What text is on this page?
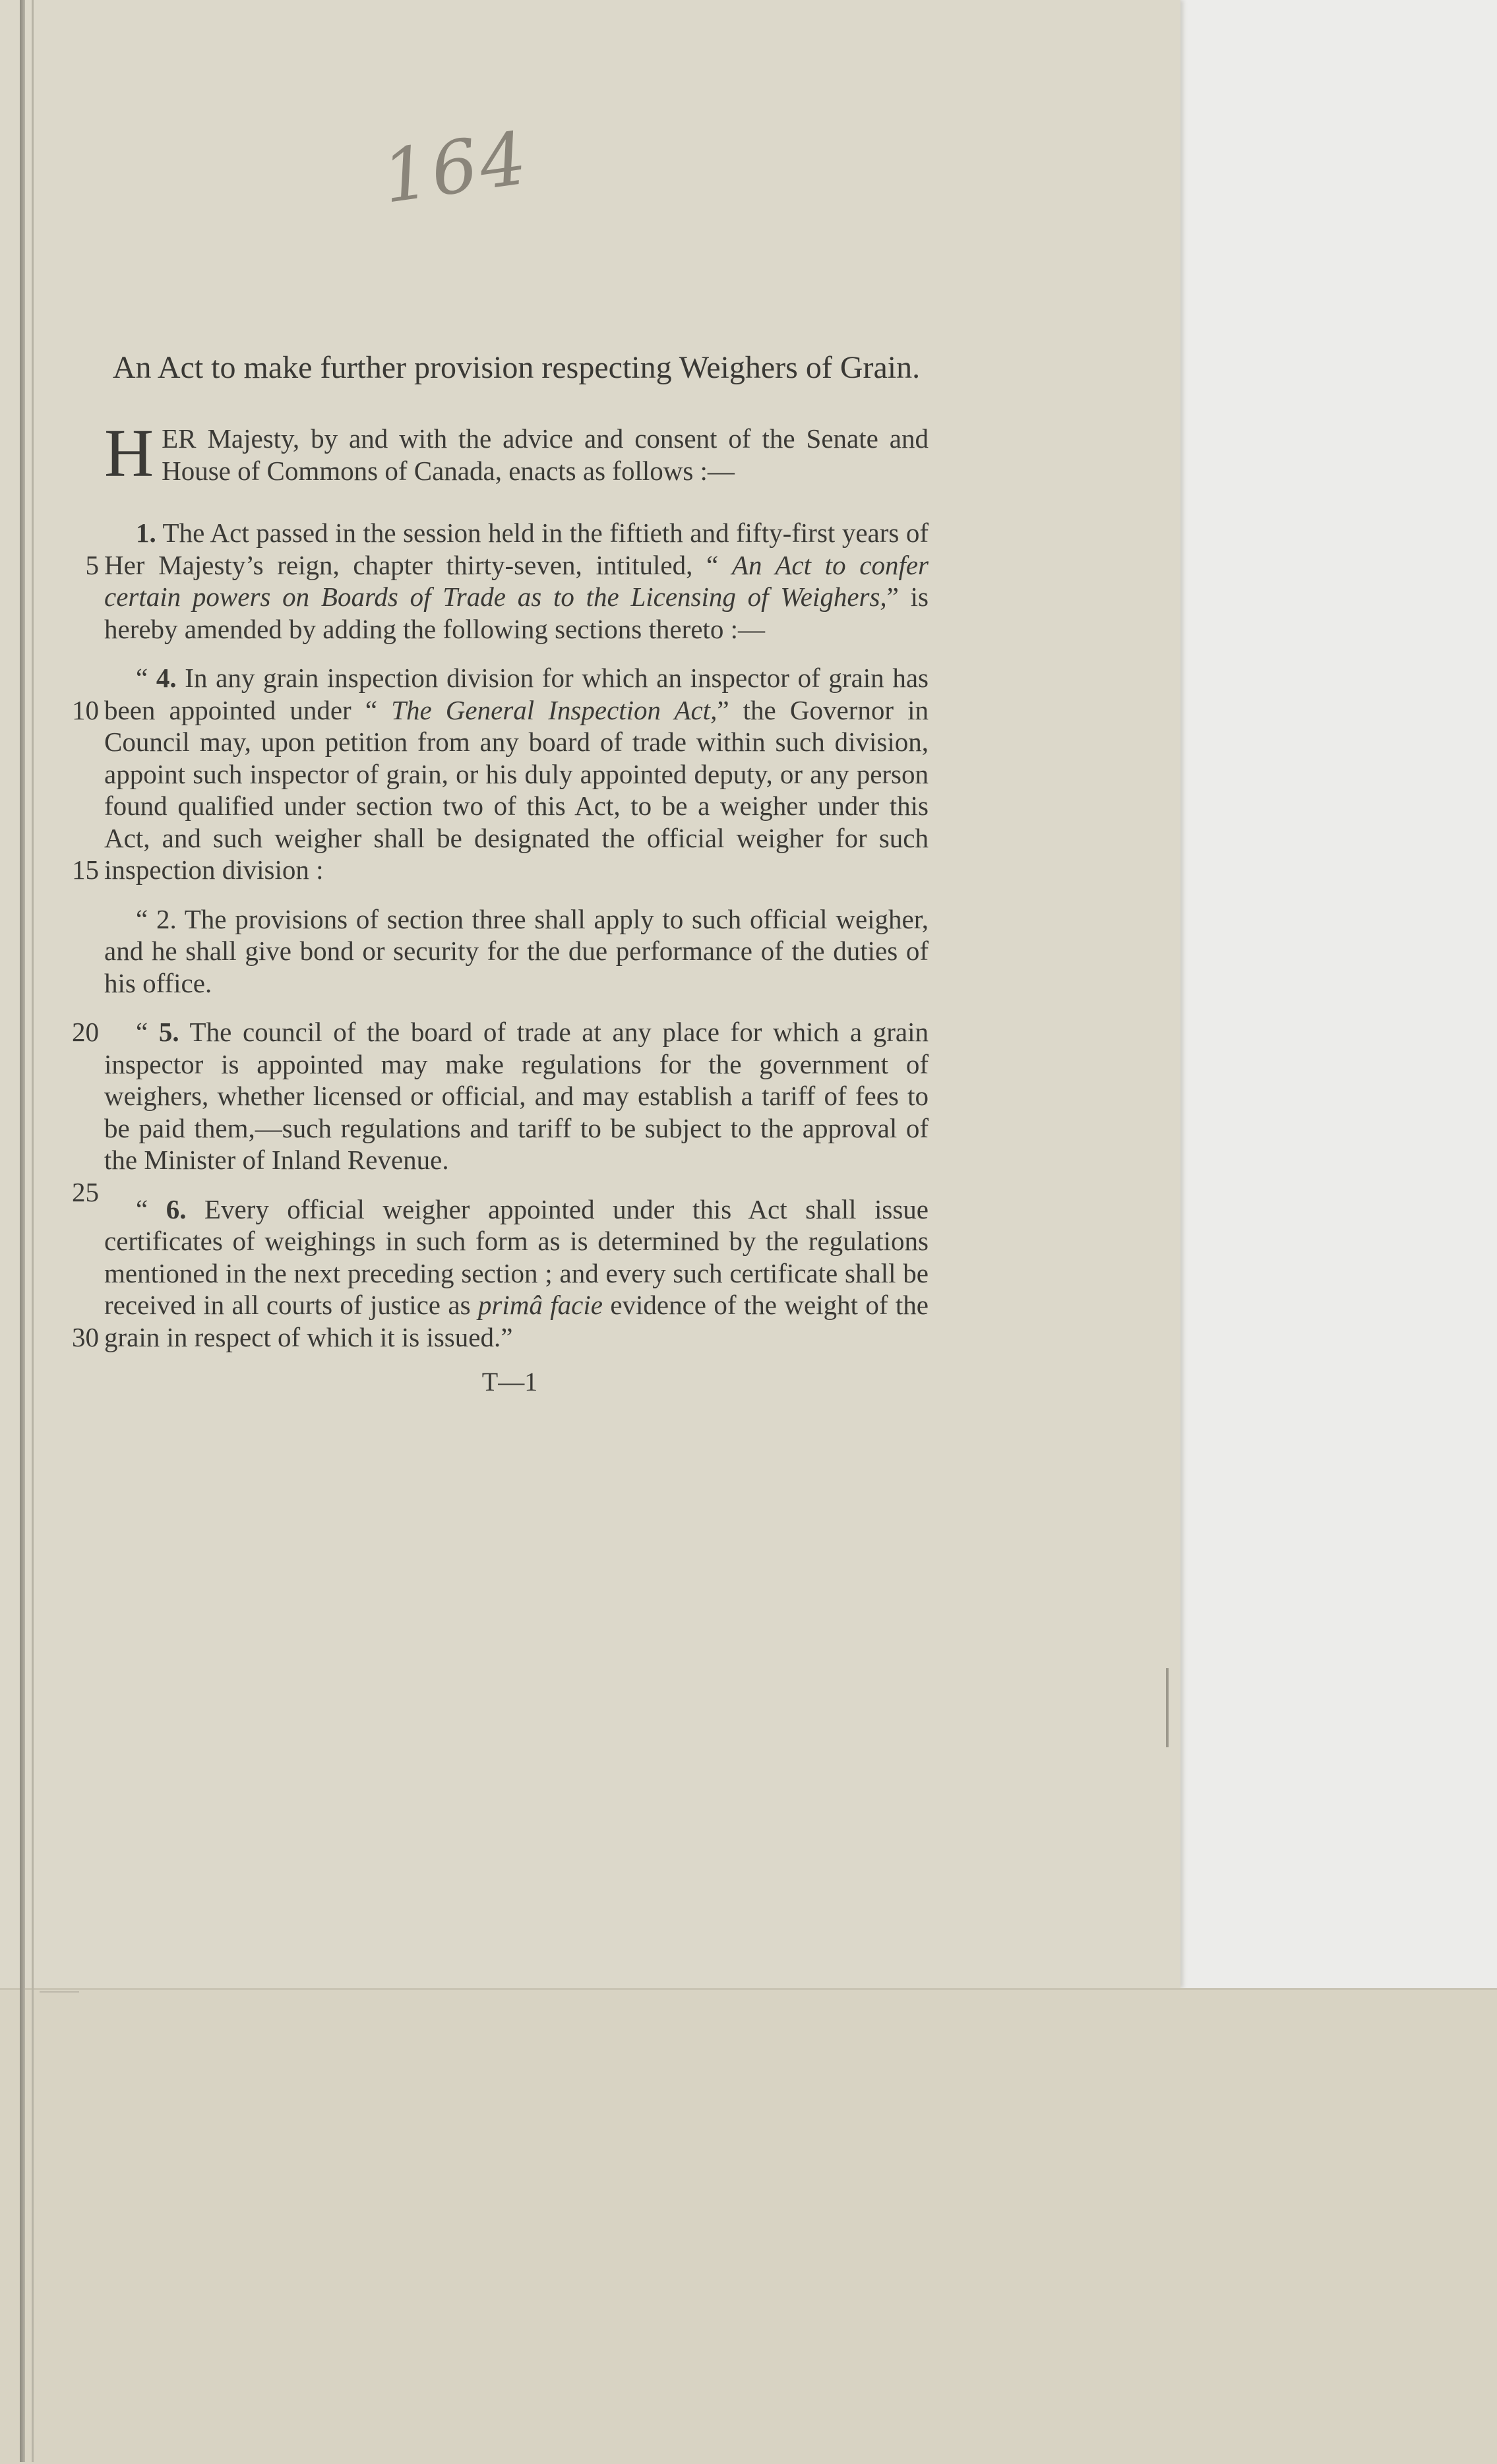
164
An Act to make further provision respecting Weighers of Grain.

HER Majesty, by and with the advice and consent of the Senate and House of Commons of Canada, enacts as follows :—

1. The Act passed in the session held in the fiftieth and
5
fifty-first years of Her Majesty’s reign, chapter thirty-seven, intituled, “ An Act to confer certain powers on Boards of Trade as to the Licensing of Weighers,” is hereby amended by adding the following sections thereto :—

“ 4. In any grain inspection division for which an inspector
10
of grain has been appointed under “ The General Inspection Act,” the Governor in Council may, upon petition from any board of trade within such division, appoint such inspector of grain, or his duly appointed deputy, or any person found qualified under section two of this Act, to be a weigher under
15
this Act, and such weigher shall be designated the official weigher for such inspection division :

“ 2. The provisions of section three shall apply to such official weigher, and he shall give bond or security for the due performance of the duties of his office.

20 “ 5. The council of the board of trade at any place for which a grain inspector is appointed may make regulations for the government of weighers, whether licensed or official, and may establish a tariff of fees to be paid them,—such regulations and tariff to be subject to the approval of the Minister
25
of Inland Revenue.

“ 6. Every official weigher appointed under this Act shall issue certificates of weighings in such form as is determined by the regulations mentioned in the next preceding section ; and every such certificate shall be received in all courts of
30
justice as primâ facie evidence of the weight of the grain in respect of which it is issued.”

T—1
